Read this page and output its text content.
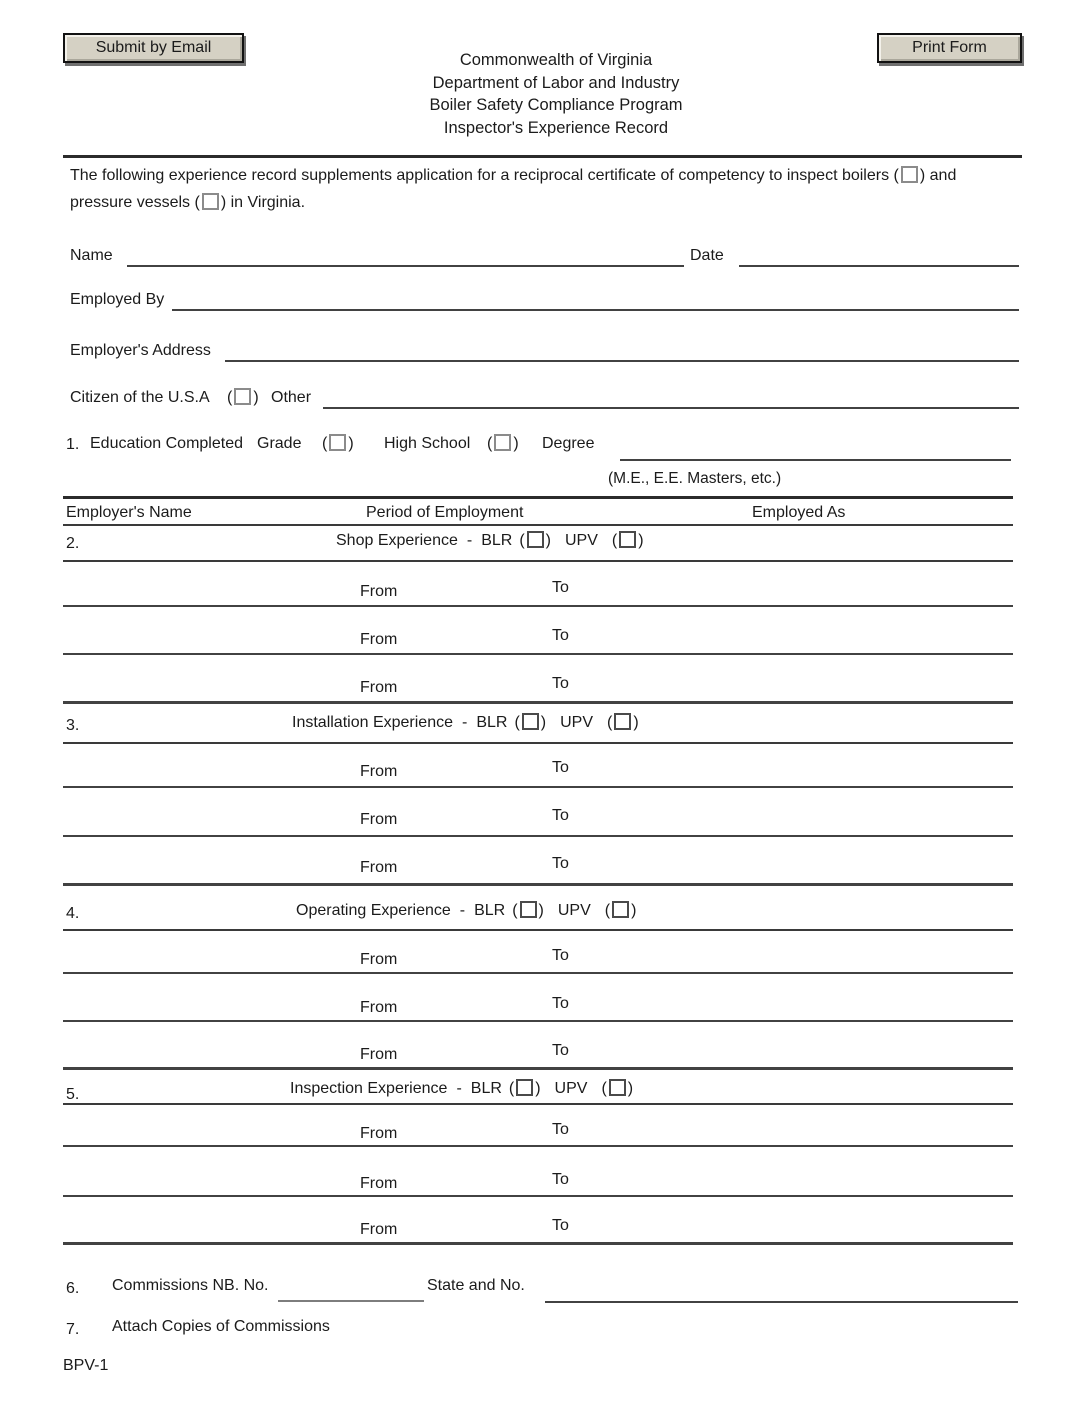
Submit by Email	Print Form
Commonwealth of Virginia
Department of Labor and Industry
Boiler Safety Compliance Program
Inspector's Experience Record
The following experience record supplements application for a reciprocal certificate of competency to inspect boilers ( ) and
pressure vessels ( ) in Virginia.
Name	Date
Employed By
Employer's Address
Citizen of the U.S.A ( ) Other
1. Education Completed Grade ( ) High School ( ) Degree
(M.E., E.E. Masters, etc.)
Employer's Name	Period of Employment	Employed As
2.	Shop Experience - BLR ( ) UPV ( )
From	To
From	To
From	To
3.	Installation Experience - BLR ( ) UPV ( )
From	To
From	To
From	To
4.	Operating Experience - BLR ( ) UPV ( )
From	To
From	To
From	To
5.	Inspection Experience - BLR ( ) UPV ( )
From	To
From	To
From	To
6. Commissions NB. No.	State and No.
7. Attach Copies of Commissions
BPV-1
